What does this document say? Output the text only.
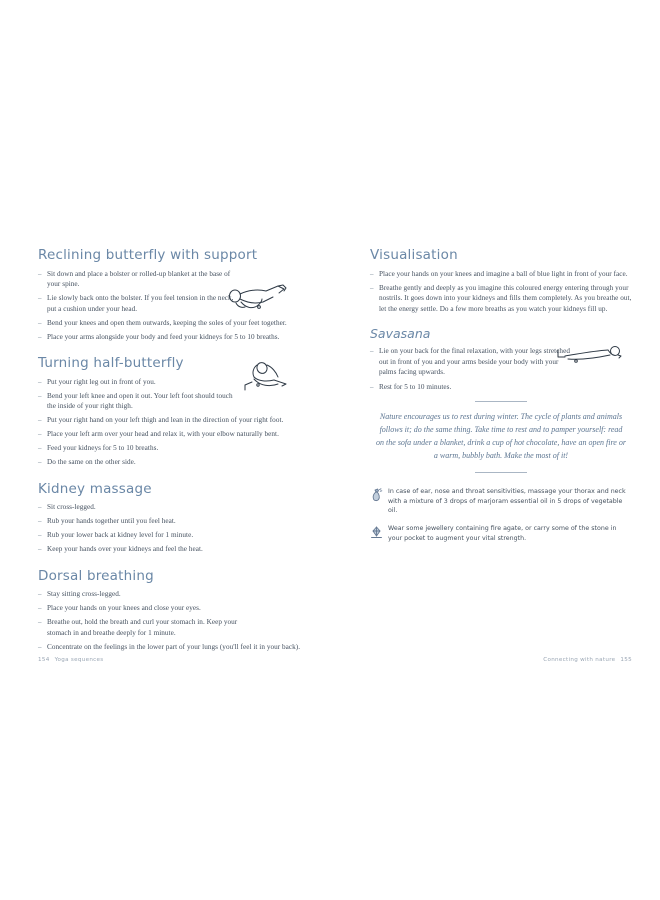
Reclining butterfly with support
– Sit down and place a bolster or rolled-up blanket at the base of your spine.
– Lie slowly back onto the bolster. If you feel tension in the neck, put a cushion under your head.
– Bend your knees and open them outwards, keeping the soles of your feet together.
– Place your arms alongside your body and feed your kidneys for 5 to 10 breaths.
Turning half-butterfly
– Put your right leg out in front of you.
– Bend your left knee and open it out. Your left foot should touch the inside of your right thigh.
– Put your right hand on your left thigh and lean in the direction of your right foot.
– Place your left arm over your head and relax it, with your elbow naturally bent.
– Feed your kidneys for 5 to 10 breaths.
– Do the same on the other side.
Kidney massage
– Sit cross-legged.
– Rub your hands together until you feel heat.
– Rub your lower back at kidney level for 1 minute.
– Keep your hands over your kidneys and feel the heat.
Dorsal breathing
– Stay sitting cross-legged.
– Place your hands on your knees and close your eyes.
– Breathe out, hold the breath and curl your stomach in. Keep your stomach in and breathe deeply for 1 minute.
– Concentrate on the feelings in the lower part of your lungs (you'll feel it in your back).
Visualisation
– Place your hands on your knees and imagine a ball of blue light in front of your face.
– Breathe gently and deeply as you imagine this coloured energy entering through your nostrils. It goes down into your kidneys and fills them completely. As you breathe out, let the energy settle. Do a few more breaths as you watch your kidneys fill up.
Savasana
– Lie on your back for the final relaxation, with your legs stretched out in front of you and your arms beside your body with your palms facing upwards.
– Rest for 5 to 10 minutes.
Nature encourages us to rest during winter. The cycle of plants and animals follows it; do the same thing. Take time to rest and to pamper yourself: read on the sofa under a blanket, drink a cup of hot chocolate, have an open fire or a warm, bubbly bath. Make the most of it!
In case of ear, nose and throat sensitivities, massage your thorax and neck with a mixture of 3 drops of marjoram essential oil in 5 drops of vegetable oil.
Wear some jewellery containing fire agate, or carry some of the stone in your pocket to augment your vital strength.
154 Yoga sequences	Connecting with nature 155
